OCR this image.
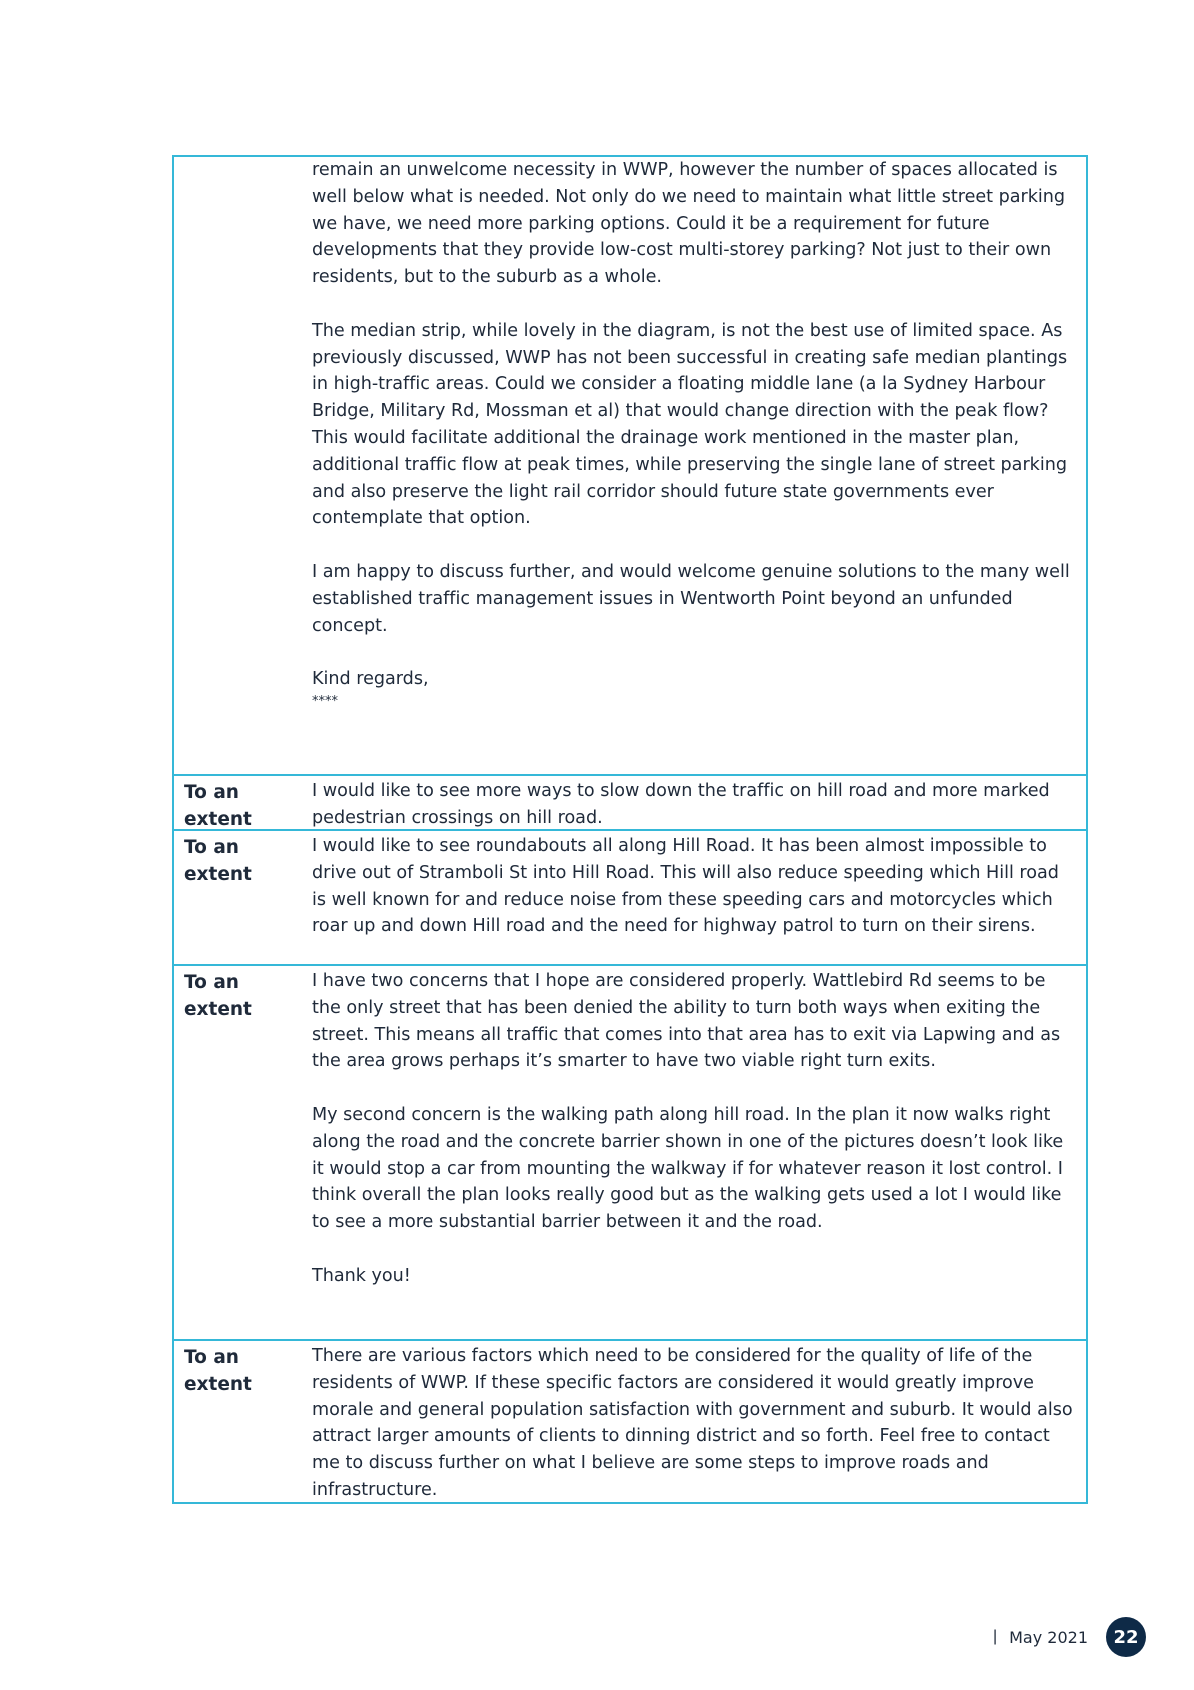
remain an unwelcome necessity in WWP, however the number of spaces allocated is well below what is needed. Not only do we need to maintain what little street parking we have, we need more parking options. Could it be a requirement for future developments that they provide low-cost multi-storey parking? Not just to their own residents, but to the suburb as a whole.

The median strip, while lovely in the diagram, is not the best use of limited space. As previously discussed, WWP has not been successful in creating safe median plantings in high-traffic areas. Could we consider a floating middle lane (a la Sydney Harbour Bridge, Military Rd, Mossman et al) that would change direction with the peak flow? This would facilitate additional the drainage work mentioned in the master plan, additional traffic flow at peak times, while preserving the single lane of street parking and also preserve the light rail corridor should future state governments ever contemplate that option.

I am happy to discuss further, and would welcome genuine solutions to the many well established traffic management issues in Wentworth Point beyond an unfunded concept.

Kind regards,

****

To an extent

I would like to see more ways to slow down the traffic on hill road and more marked pedestrian crossings on hill road.

To an extent

I would like to see roundabouts all along Hill Road. It has been almost impossible to drive out of Stramboli St into Hill Road. This will also reduce speeding which Hill road is well known for and reduce noise from these speeding cars and motorcycles which roar up and down Hill road and the need for highway patrol to turn on their sirens.

To an extent

I have two concerns that I hope are considered properly. Wattlebird Rd seems to be the only street that has been denied the ability to turn both ways when exiting the street. This means all traffic that comes into that area has to exit via Lapwing and as the area grows perhaps it’s smarter to have two viable right turn exits.

My second concern is the walking path along hill road. In the plan it now walks right along the road and the concrete barrier shown in one of the pictures doesn’t look like it would stop a car from mounting the walkway if for whatever reason it lost control. I think overall the plan looks really good but as the walking gets used a lot I would like to see a more substantial barrier between it and the road.

Thank you!

To an extent

There are various factors which need to be considered for the quality of life of the residents of WWP. If these specific factors are considered it would greatly improve morale and general population satisfaction with government and suburb. It would also attract larger amounts of clients to dinning district and so forth. Feel free to contact me to discuss further on what I believe are some steps to improve roads and infrastructure.

| May 2021	22
